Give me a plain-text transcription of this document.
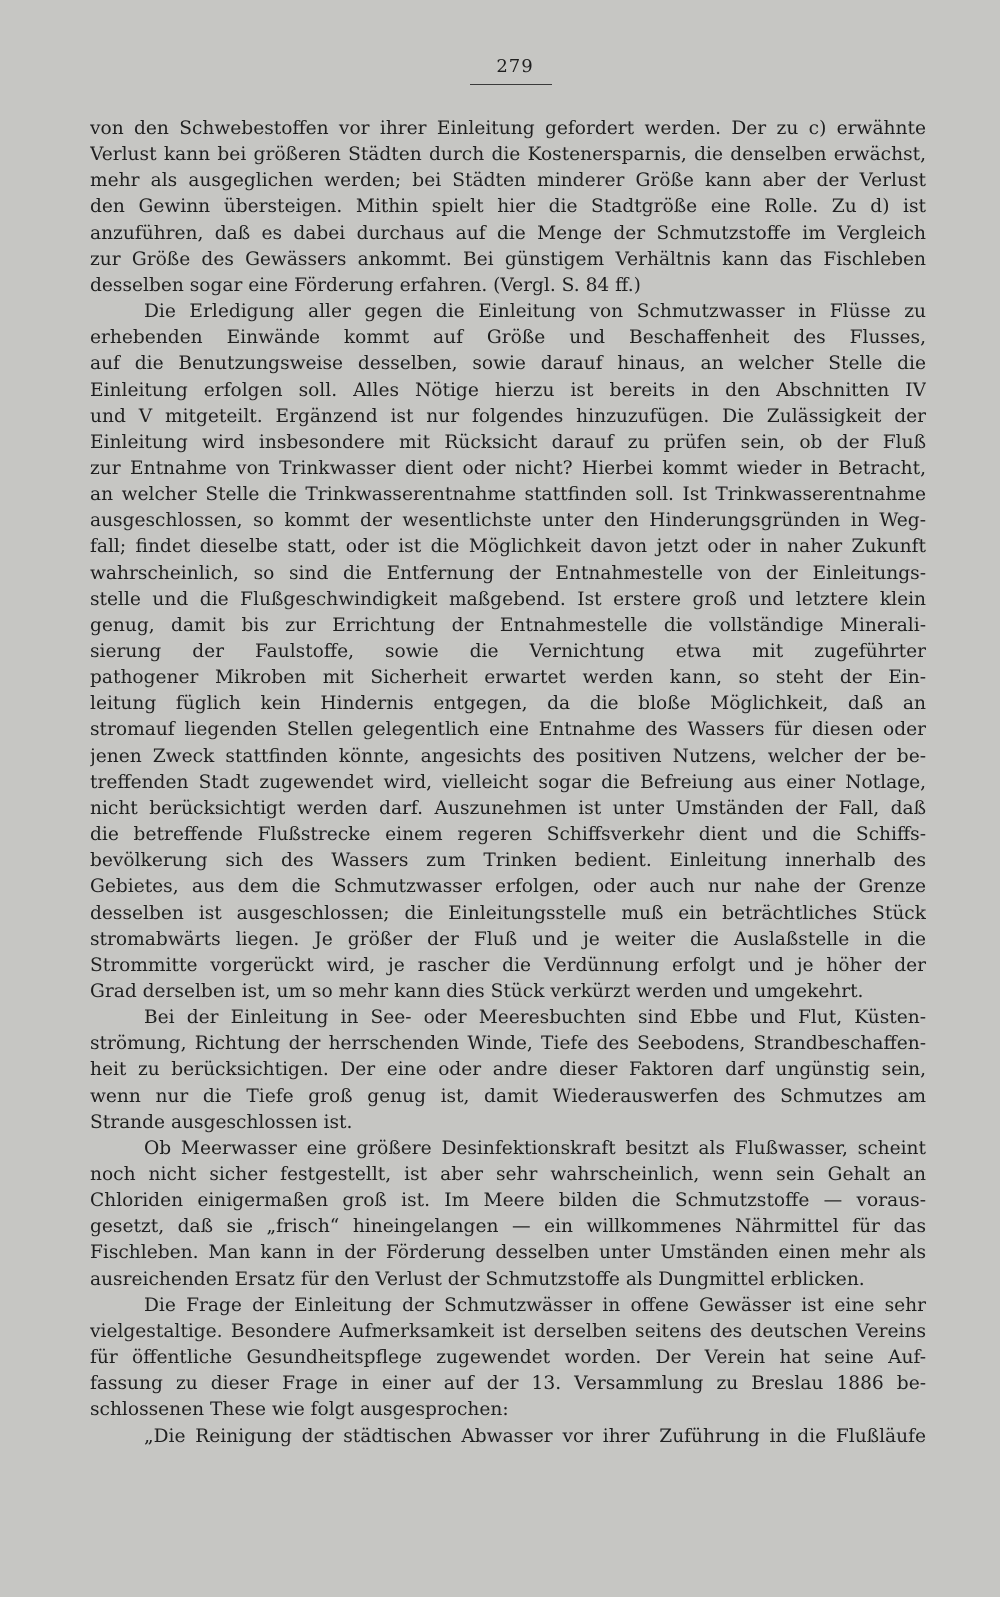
279
von den Schwebestoffen vor ihrer Einleitung gefordert werden. Der zu c) erwähnte
Verlust kann bei größeren Städten durch die Kostenersparnis, die denselben erwächst,
mehr als ausgeglichen werden; bei Städten minderer Größe kann aber der Verlust
den Gewinn übersteigen. Mithin spielt hier die Stadtgröße eine Rolle. Zu d) ist
anzuführen, daß es dabei durchaus auf die Menge der Schmutzstoffe im Vergleich
zur Größe des Gewässers ankommt. Bei günstigem Verhältnis kann das Fischleben
desselben sogar eine Förderung erfahren. (Vergl. S. 84 ff.)
Die Erledigung aller gegen die Einleitung von Schmutzwasser in Flüsse zu
erhebenden Einwände kommt auf Größe und Beschaffenheit des Flusses,
auf die Benutzungsweise desselben, sowie darauf hinaus, an welcher Stelle die
Einleitung erfolgen soll. Alles Nötige hierzu ist bereits in den Abschnitten IV
und V mitgeteilt. Ergänzend ist nur folgendes hinzuzufügen. Die Zulässigkeit der
Einleitung wird insbesondere mit Rücksicht darauf zu prüfen sein, ob der Fluß
zur Entnahme von Trinkwasser dient oder nicht? Hierbei kommt wieder in Betracht,
an welcher Stelle die Trinkwasserentnahme stattfinden soll. Ist Trinkwasserentnahme
ausgeschlossen, so kommt der wesentlichste unter den Hinderungsgründen in Weg-
fall; findet dieselbe statt, oder ist die Möglichkeit davon jetzt oder in naher Zukunft
wahrscheinlich, so sind die Entfernung der Entnahmestelle von der Einleitungs-
stelle und die Flußgeschwindigkeit maßgebend. Ist erstere groß und letztere klein
genug, damit bis zur Errichtung der Entnahmestelle die vollständige Minerali-
sierung der Faulstoffe, sowie die Vernichtung etwa mit zugeführter
pathogener Mikroben mit Sicherheit erwartet werden kann, so steht der Ein-
leitung füglich kein Hindernis entgegen, da die bloße Möglichkeit, daß an
stromauf liegenden Stellen gelegentlich eine Entnahme des Wassers für diesen oder
jenen Zweck stattfinden könnte, angesichts des positiven Nutzens, welcher der be-
treffenden Stadt zugewendet wird, vielleicht sogar die Befreiung aus einer Notlage,
nicht berücksichtigt werden darf. Auszunehmen ist unter Umständen der Fall, daß
die betreffende Flußstrecke einem regeren Schiffsverkehr dient und die Schiffs-
bevölkerung sich des Wassers zum Trinken bedient. Einleitung innerhalb des
Gebietes, aus dem die Schmutzwasser erfolgen, oder auch nur nahe der Grenze
desselben ist ausgeschlossen; die Einleitungsstelle muß ein beträchtliches Stück
stromabwärts liegen. Je größer der Fluß und je weiter die Auslaßstelle in die
Strommitte vorgerückt wird, je rascher die Verdünnung erfolgt und je höher der
Grad derselben ist, um so mehr kann dies Stück verkürzt werden und umgekehrt.
Bei der Einleitung in See- oder Meeresbuchten sind Ebbe und Flut, Küsten-
strömung, Richtung der herrschenden Winde, Tiefe des Seebodens, Strandbeschaffen-
heit zu berücksichtigen. Der eine oder andre dieser Faktoren darf ungünstig sein,
wenn nur die Tiefe groß genug ist, damit Wiederauswerfen des Schmutzes am
Strande ausgeschlossen ist.
Ob Meerwasser eine größere Desinfektionskraft besitzt als Flußwasser, scheint
noch nicht sicher festgestellt, ist aber sehr wahrscheinlich, wenn sein Gehalt an
Chloriden einigermaßen groß ist. Im Meere bilden die Schmutzstoffe — voraus-
gesetzt, daß sie „frisch“ hineingelangen — ein willkommenes Nährmittel für das
Fischleben. Man kann in der Förderung desselben unter Umständen einen mehr als
ausreichenden Ersatz für den Verlust der Schmutzstoffe als Dungmittel erblicken.
Die Frage der Einleitung der Schmutzwässer in offene Gewässer ist eine sehr
vielgestaltige. Besondere Aufmerksamkeit ist derselben seitens des deutschen Vereins
für öffentliche Gesundheitspflege zugewendet worden. Der Verein hat seine Auf-
fassung zu dieser Frage in einer auf der 13. Versammlung zu Breslau 1886 be-
schlossenen These wie folgt ausgesprochen:
„Die Reinigung der städtischen Abwasser vor ihrer Zuführung in die Flußläufe
